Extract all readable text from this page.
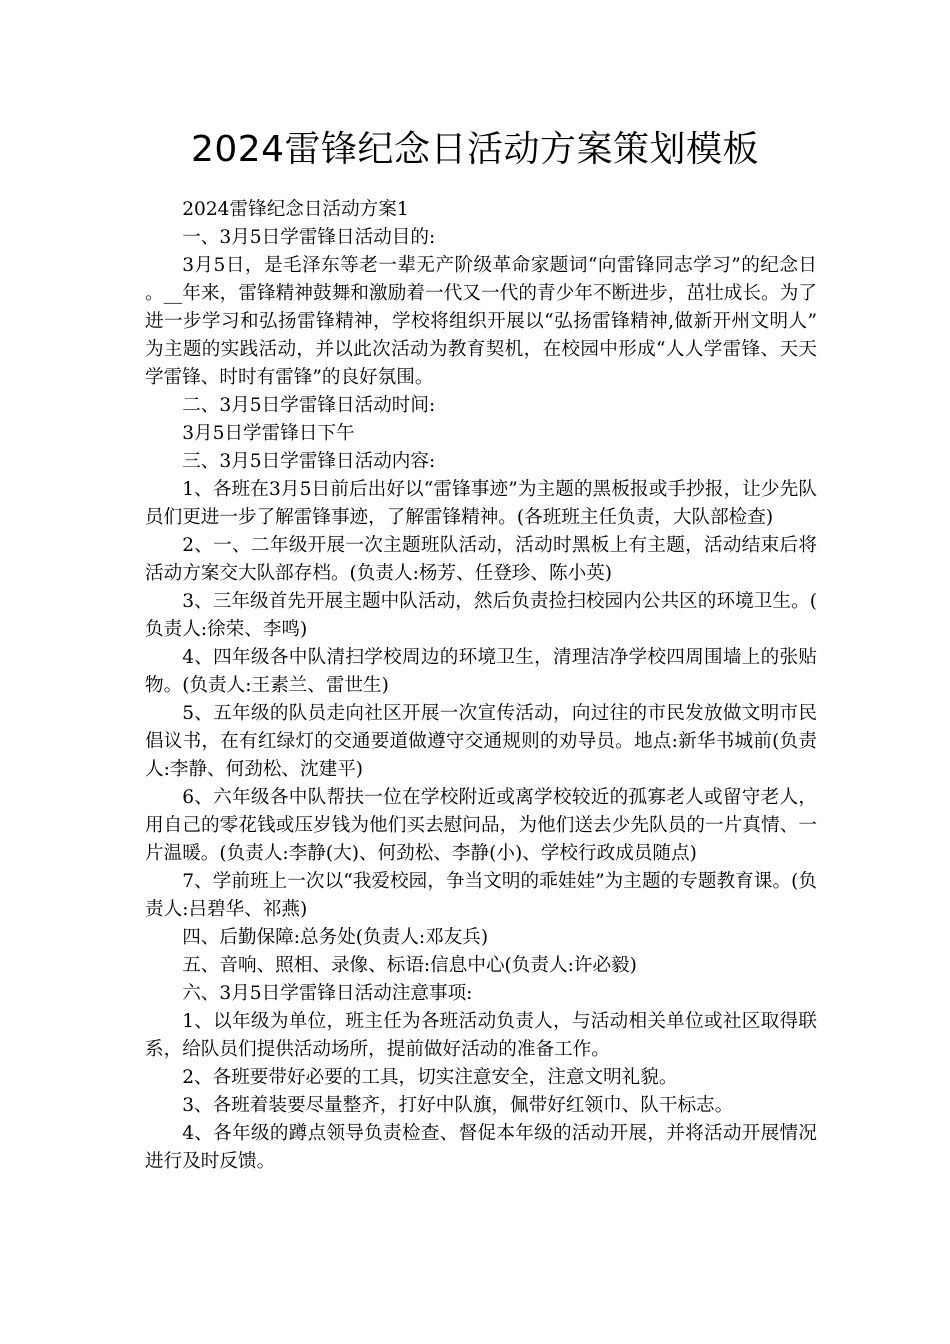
2024雷锋纪念日活动方案策划模板

2024雷锋纪念日活动方案1

一、3月5日学雷锋日活动目的:

3月5日，是毛泽东等老一辈无产阶级革命家题词“向雷锋同志学习”的纪念日。__年来，雷锋精神鼓舞和激励着一代又一代的青少年不断进步，茁壮成长。为了进一步学习和弘扬雷锋精神，学校将组织开展以“弘扬雷锋精神,做新开州文明人”为主题的实践活动，并以此次活动为教育契机，在校园中形成“人人学雷锋、天天学雷锋、时时有雷锋”的良好氛围。

二、3月5日学雷锋日活动时间:

3月5日学雷锋日下午

三、3月5日学雷锋日活动内容:

1、各班在3月5日前后出好以“雷锋事迹”为主题的黑板报或手抄报，让少先队员们更进一步了解雷锋事迹，了解雷锋精神。(各班班主任负责，大队部检查)

2、一、二年级开展一次主题班队活动，活动时黑板上有主题，活动结束后将活动方案交大队部存档。(负责人:杨芳、任登珍、陈小英)

3、三年级首先开展主题中队活动，然后负责捡扫校园内公共区的环境卫生。(负责人:徐荣、李鸣)

4、四年级各中队清扫学校周边的环境卫生，清理洁净学校四周围墙上的张贴物。(负责人:王素兰、雷世生)

5、五年级的队员走向社区开展一次宣传活动，向过往的市民发放做文明市民倡议书，在有红绿灯的交通要道做遵守交通规则的劝导员。地点:新华书城前(负责人:李静、何劲松、沈建平)

6、六年级各中队帮扶一位在学校附近或离学校较近的孤寡老人或留守老人，用自己的零花钱或压岁钱为他们买去慰问品，为他们送去少先队员的一片真情、一片温暖。(负责人:李静(大)、何劲松、李静(小)、学校行政成员随点)

7、学前班上一次以“我爱校园，争当文明的乖娃娃”为主题的专题教育课。(负责人:吕碧华、祁燕)

四、后勤保障:总务处(负责人:邓友兵)

五、音响、照相、录像、标语:信息中心(负责人:许必毅)

六、3月5日学雷锋日活动注意事项:

1、以年级为单位，班主任为各班活动负责人，与活动相关单位或社区取得联系，给队员们提供活动场所，提前做好活动的准备工作。

2、各班要带好必要的工具，切实注意安全，注意文明礼貌。

3、各班着装要尽量整齐，打好中队旗，佩带好红领巾、队干标志。

4、各年级的蹲点领导负责检查、督促本年级的活动开展，并将活动开展情况进行及时反馈。
